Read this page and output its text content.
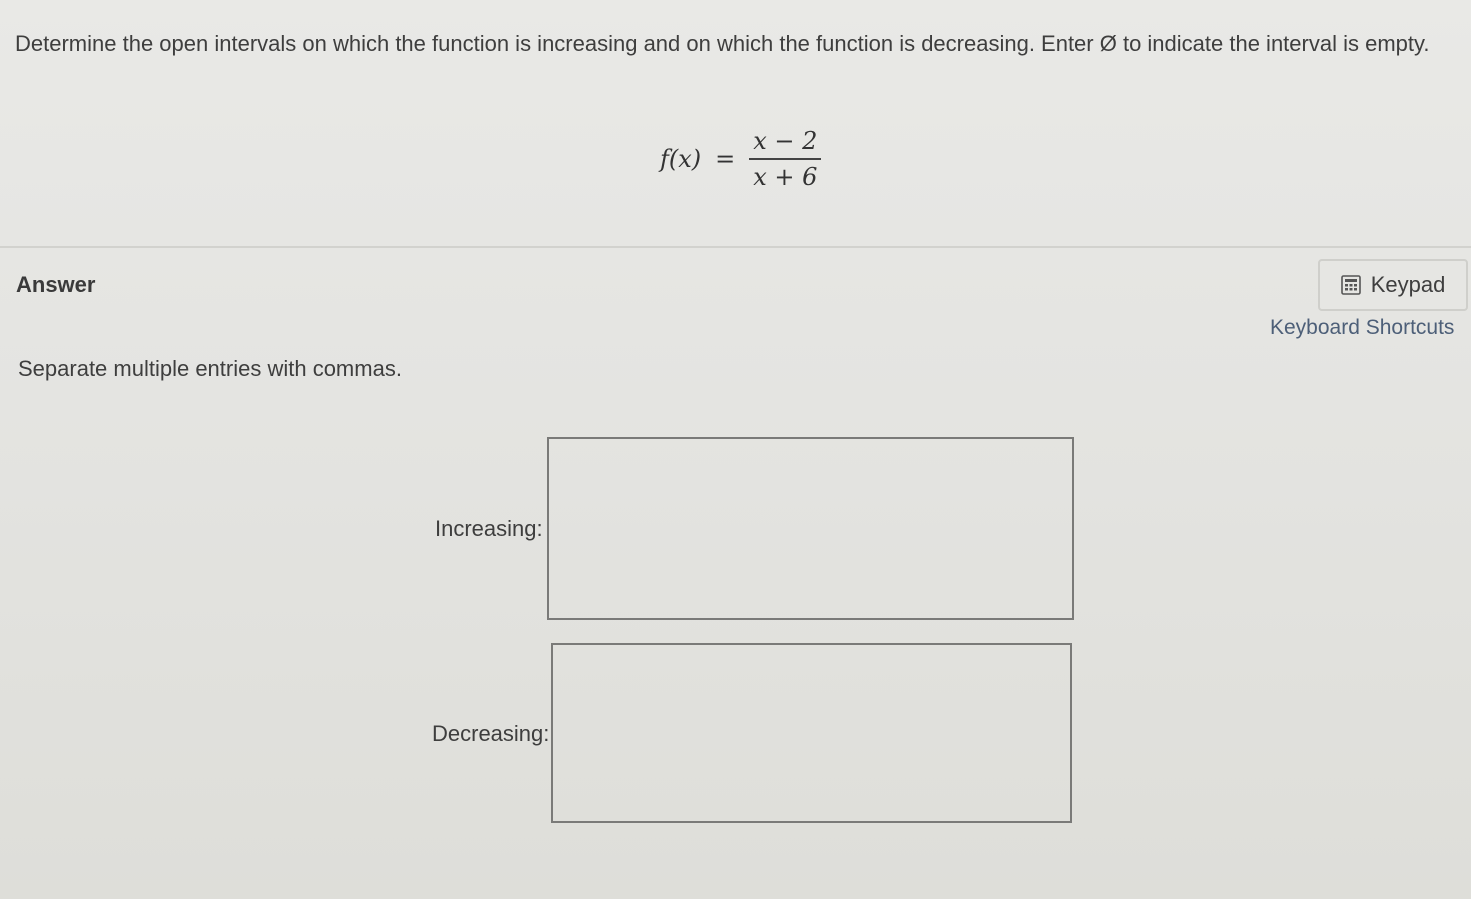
Determine the open intervals on which the function is increasing and on which the function is decreasing. Enter Ø to indicate the interval is empty.
$f(x) = \frac{x - 2}{x + 6}$
Answer	Keypad
Keyboard Shortcuts
Separate multiple entries with commas.
Increasing:
Decreasing:
